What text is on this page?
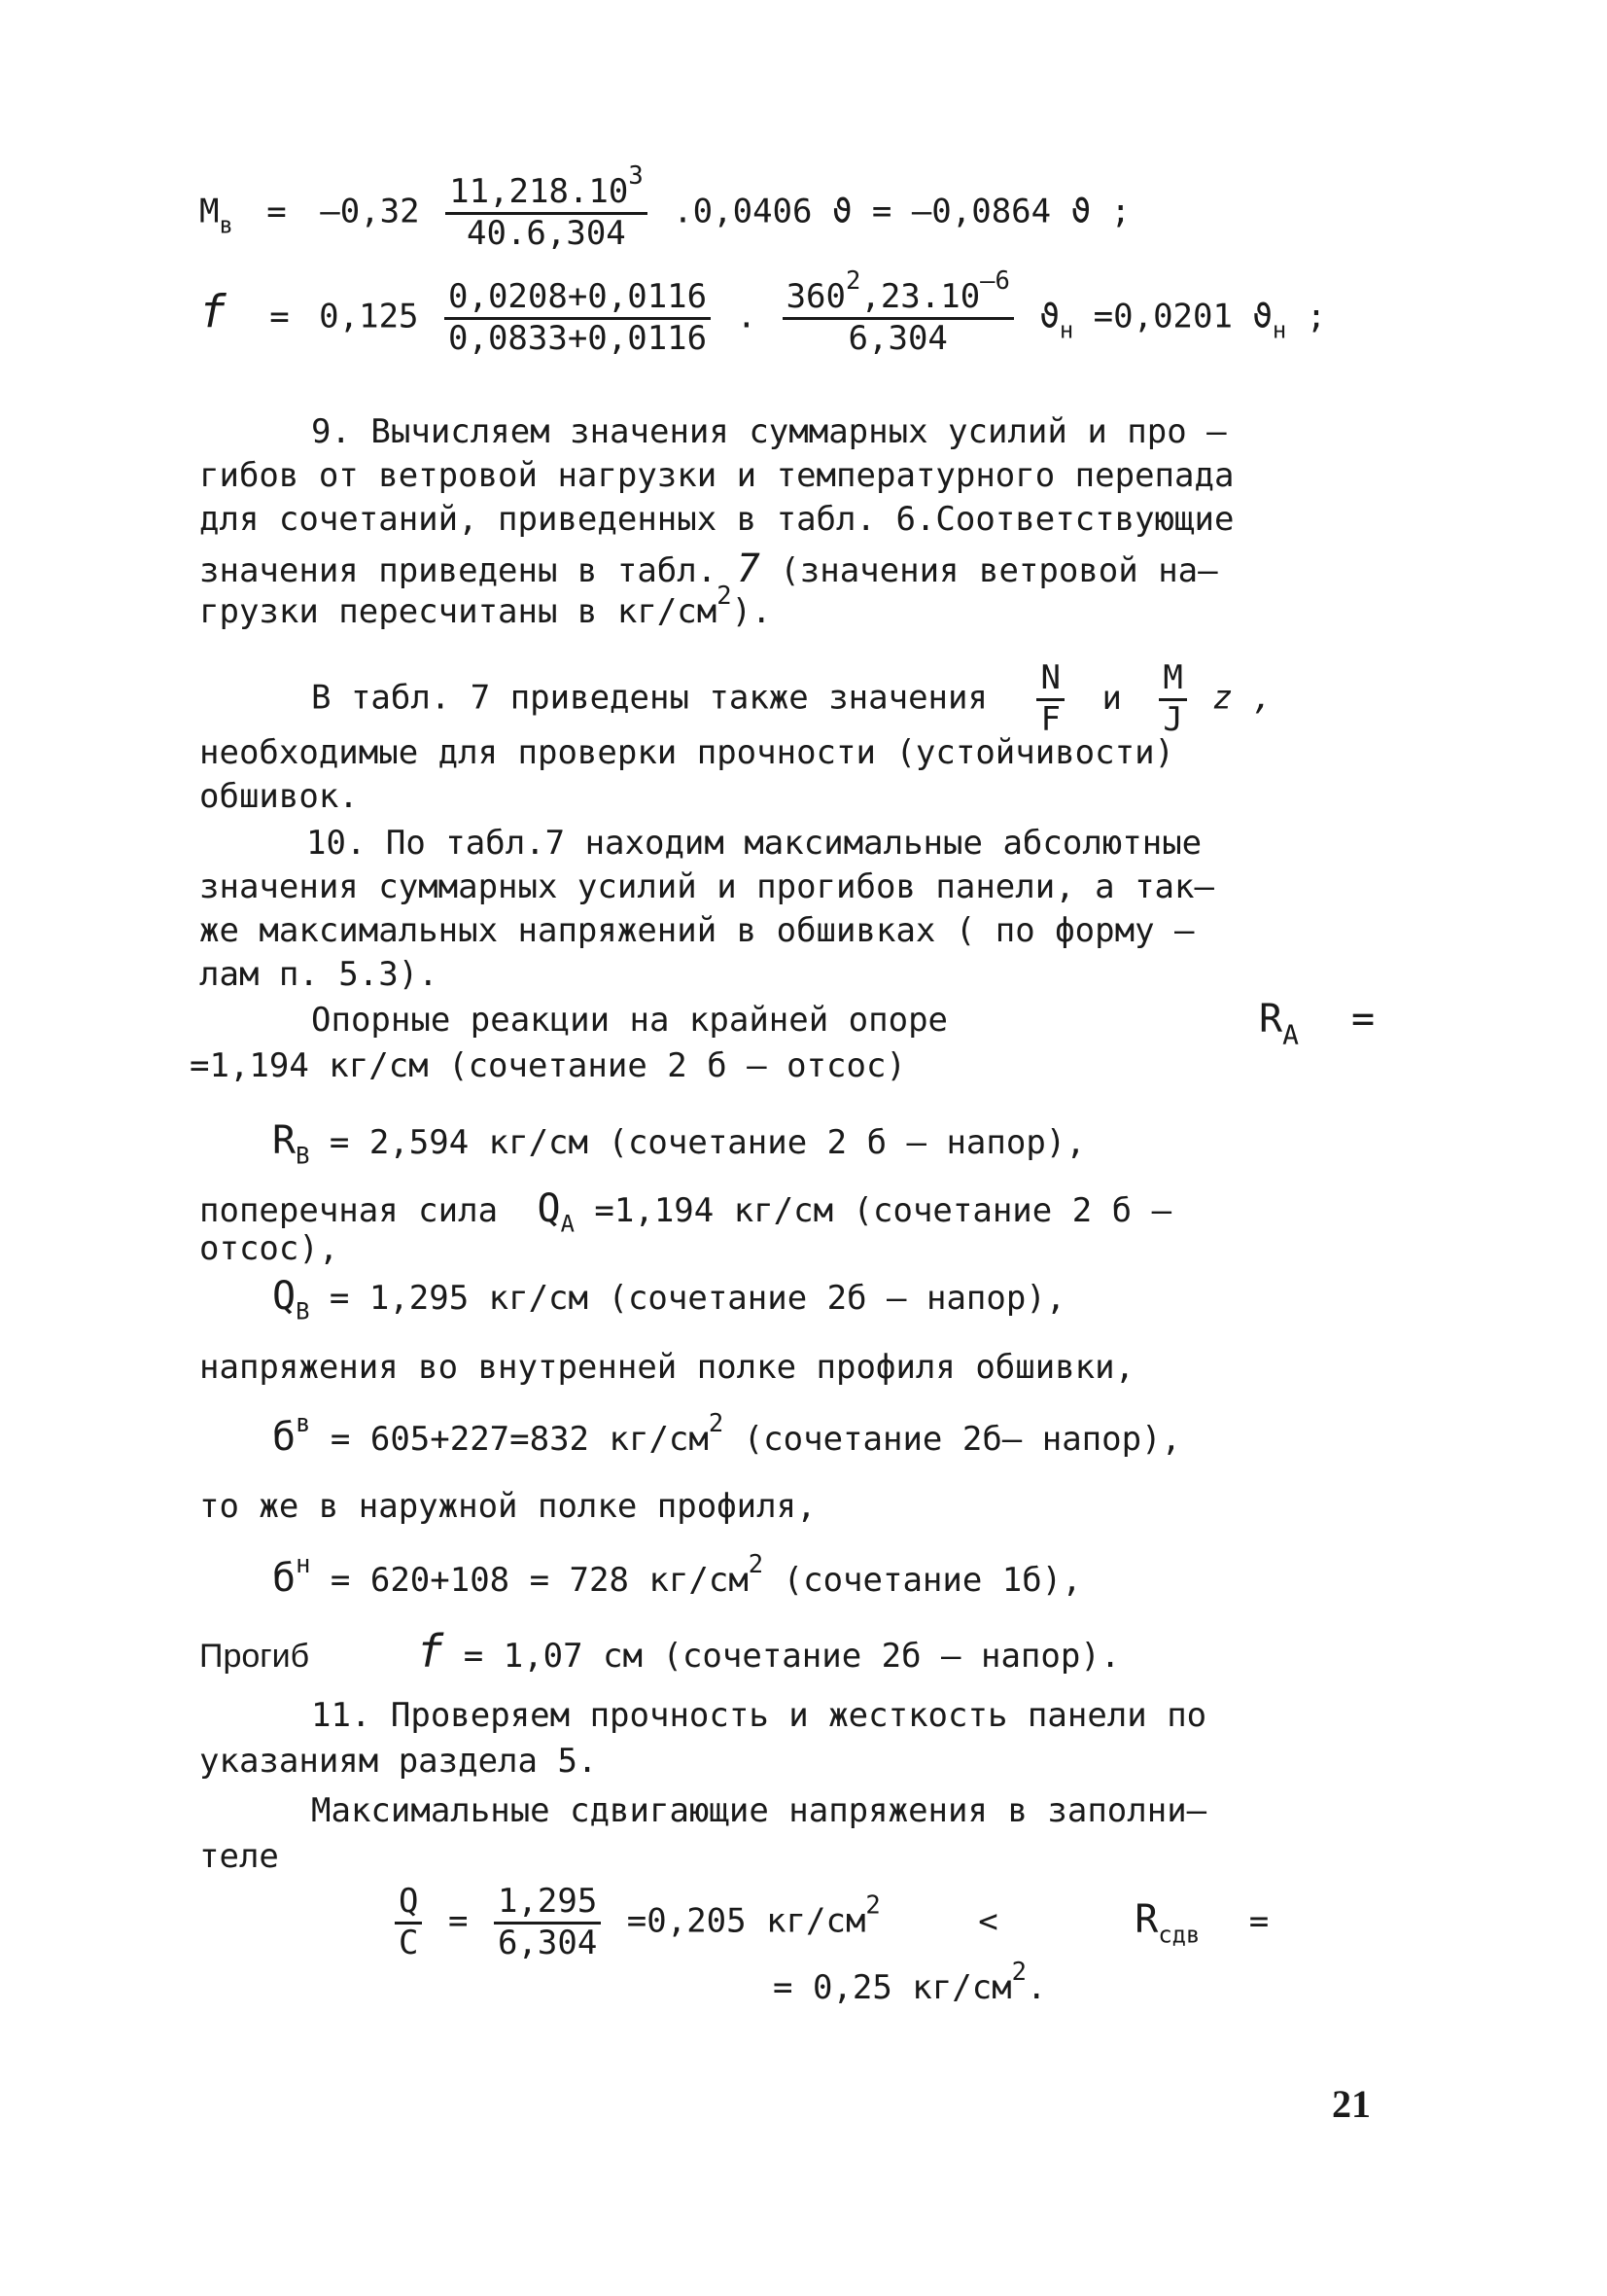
$M_в = -0,32 \frac{11,218.10^3}{40.6,304} .0,0406$ ϑ = –0,0864 ϑ ;
$f = 0,125 \frac{0,0208+0,0116}{0,0833+0,0116}$ . $\frac{360^2,23.10^{-6}}{6,304} ϑ_н =0,0201$ $ϑ_н$ ;
9. Вычисляем значения суммарных усилий и про –
гибов от ветровой нагрузки и температурного перепада
для сочетаний, приведенных в табл. 6.Соответствующие
значения приведены в табл. 7 (значения ветровой на–
грузки пересчитаны в $кг/см^2$).
В табл. 7 приведены также значения $\frac{N}{F}$ и $\frac{M}{J}$ z ,
необходимые для проверки прочности (устойчивости)
обшивок.
10. По табл.7 находим максимальные абсолютные
значения суммарных усилий и прогибов панели, а так–
же максимальных напряжений в обшивках ( по форму –
лам п. 5.3).
Опорные реакции на крайней опоре	$R_A$ =
=1,194 кг/см (сочетание 2 б – отсос)
$R_B = 2,594$ кг/см (сочетание 2 б – напор),
поперечная сила $Q_A =1,194$ кг/см (сочетание 2 б –
отсос),
$Q_B = 1,295$ кг/см (сочетание 2б – напор),
напряжения во внутренней полке профиля обшивки,
$б^в = 605+227=832$ $кг/см^2$ (сочетание 2б– напор),
то же в наружной полке профиля,
$б^н = 620+108 = 728$ $кг/см^2$ (сочетание 1б),
Прогиб f = 1,07 см (сочетание 2б – напор).
11. Проверяем прочность и жесткость панели по
указаниям раздела 5.
Максимальные сдвигающие напряжения в заполни–
теле
$\frac{Q}{C} = \frac{1,295}{6,304} =0,205$ $кг/см^2$	<	$R_{cдв}$ =
= 0,25 $кг/см^2$.
21
